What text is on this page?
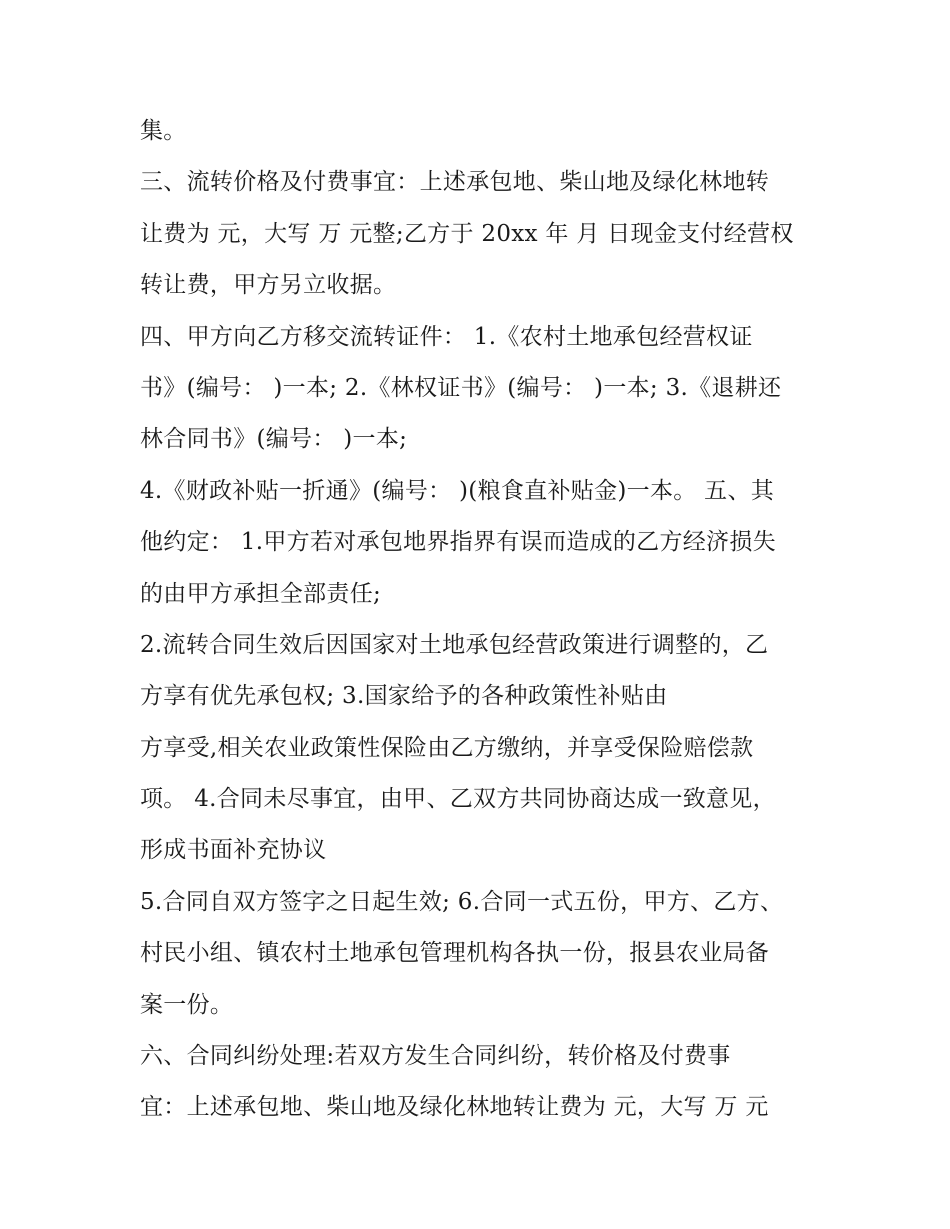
集。
三、流转价格及付费事宜：上述承包地、柴山地及绿化林地转
让费为 元，大写 万 元整;乙方于 20xx 年 月 日现金支付经营权
转让费，甲方另立收据。
四、甲方向乙方移交流转证件： 1.《农村土地承包经营权证
书》(编号： )一本; 2.《林权证书》(编号： )一本; 3.《退耕还
林合同书》(编号： )一本;
4.《财政补贴一折通》(编号： )(粮食直补贴金)一本。 五、其
他约定： 1.甲方若对承包地界指界有误而造成的乙方经济损失
的由甲方承担全部责任;
2.流转合同生效后因国家对土地承包经营政策进行调整的，乙
方享有优先承包权; 3.国家给予的各种政策性补贴由
方享受,相关农业政策性保险由乙方缴纳，并享受保险赔偿款
项。 4.合同未尽事宜，由甲、乙双方共同协商达成一致意见，
形成书面补充协议
5.合同自双方签字之日起生效; 6.合同一式五份，甲方、乙方、
村民小组、镇农村土地承包管理机构各执一份，报县农业局备
案一份。
六、合同纠纷处理:若双方发生合同纠纷，转价格及付费事
宜：上述承包地、柴山地及绿化林地转让费为 元，大写 万 元
